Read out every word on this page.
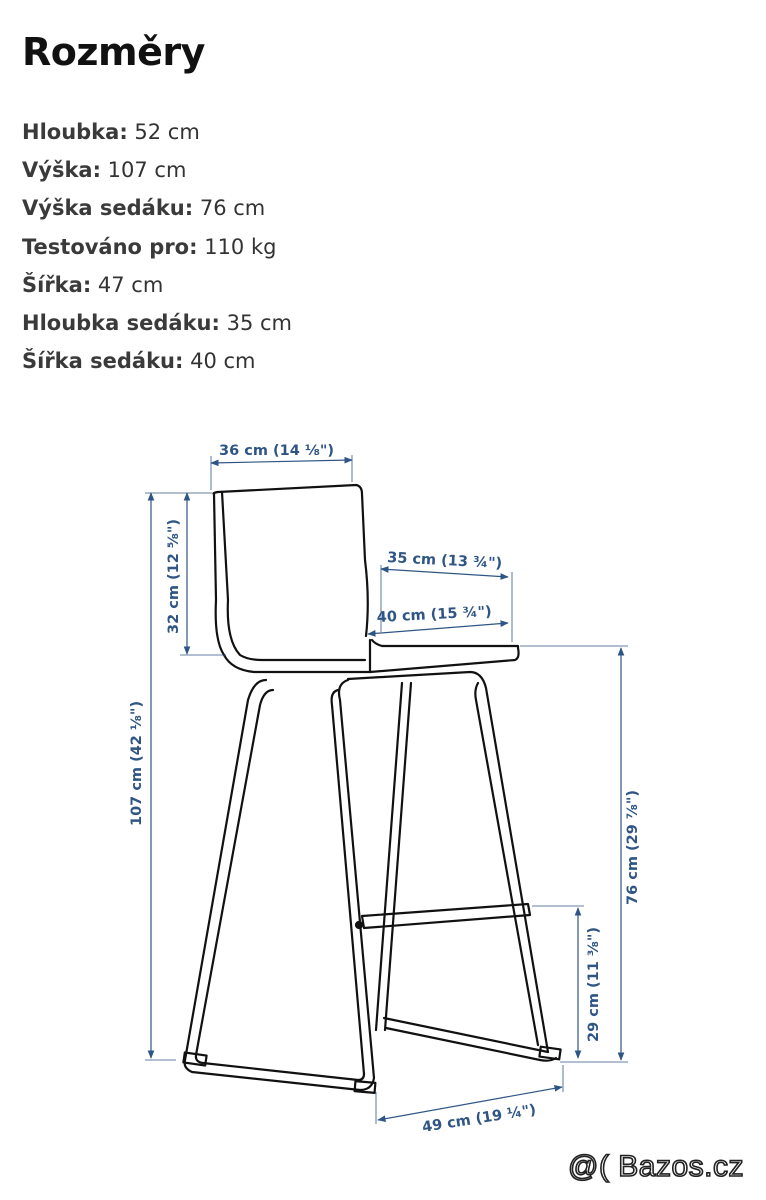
Rozměry
Hloubka: 52 cm
Výška: 107 cm
Výška sedáku: 76 cm
Testováno pro: 110 kg
Šířka: 47 cm
Hloubka sedáku: 35 cm
Šířka sedáku: 40 cm
36 cm (14 ⅛")
35 cm (13 ¾")
40 cm (15 ¾")
32 cm (12 ⅝")
107 cm (42 ⅛")
76 cm (29 ⅞")
29 cm (11 ⅜")
49 cm (19 ¼")
@( Bazos.cz
